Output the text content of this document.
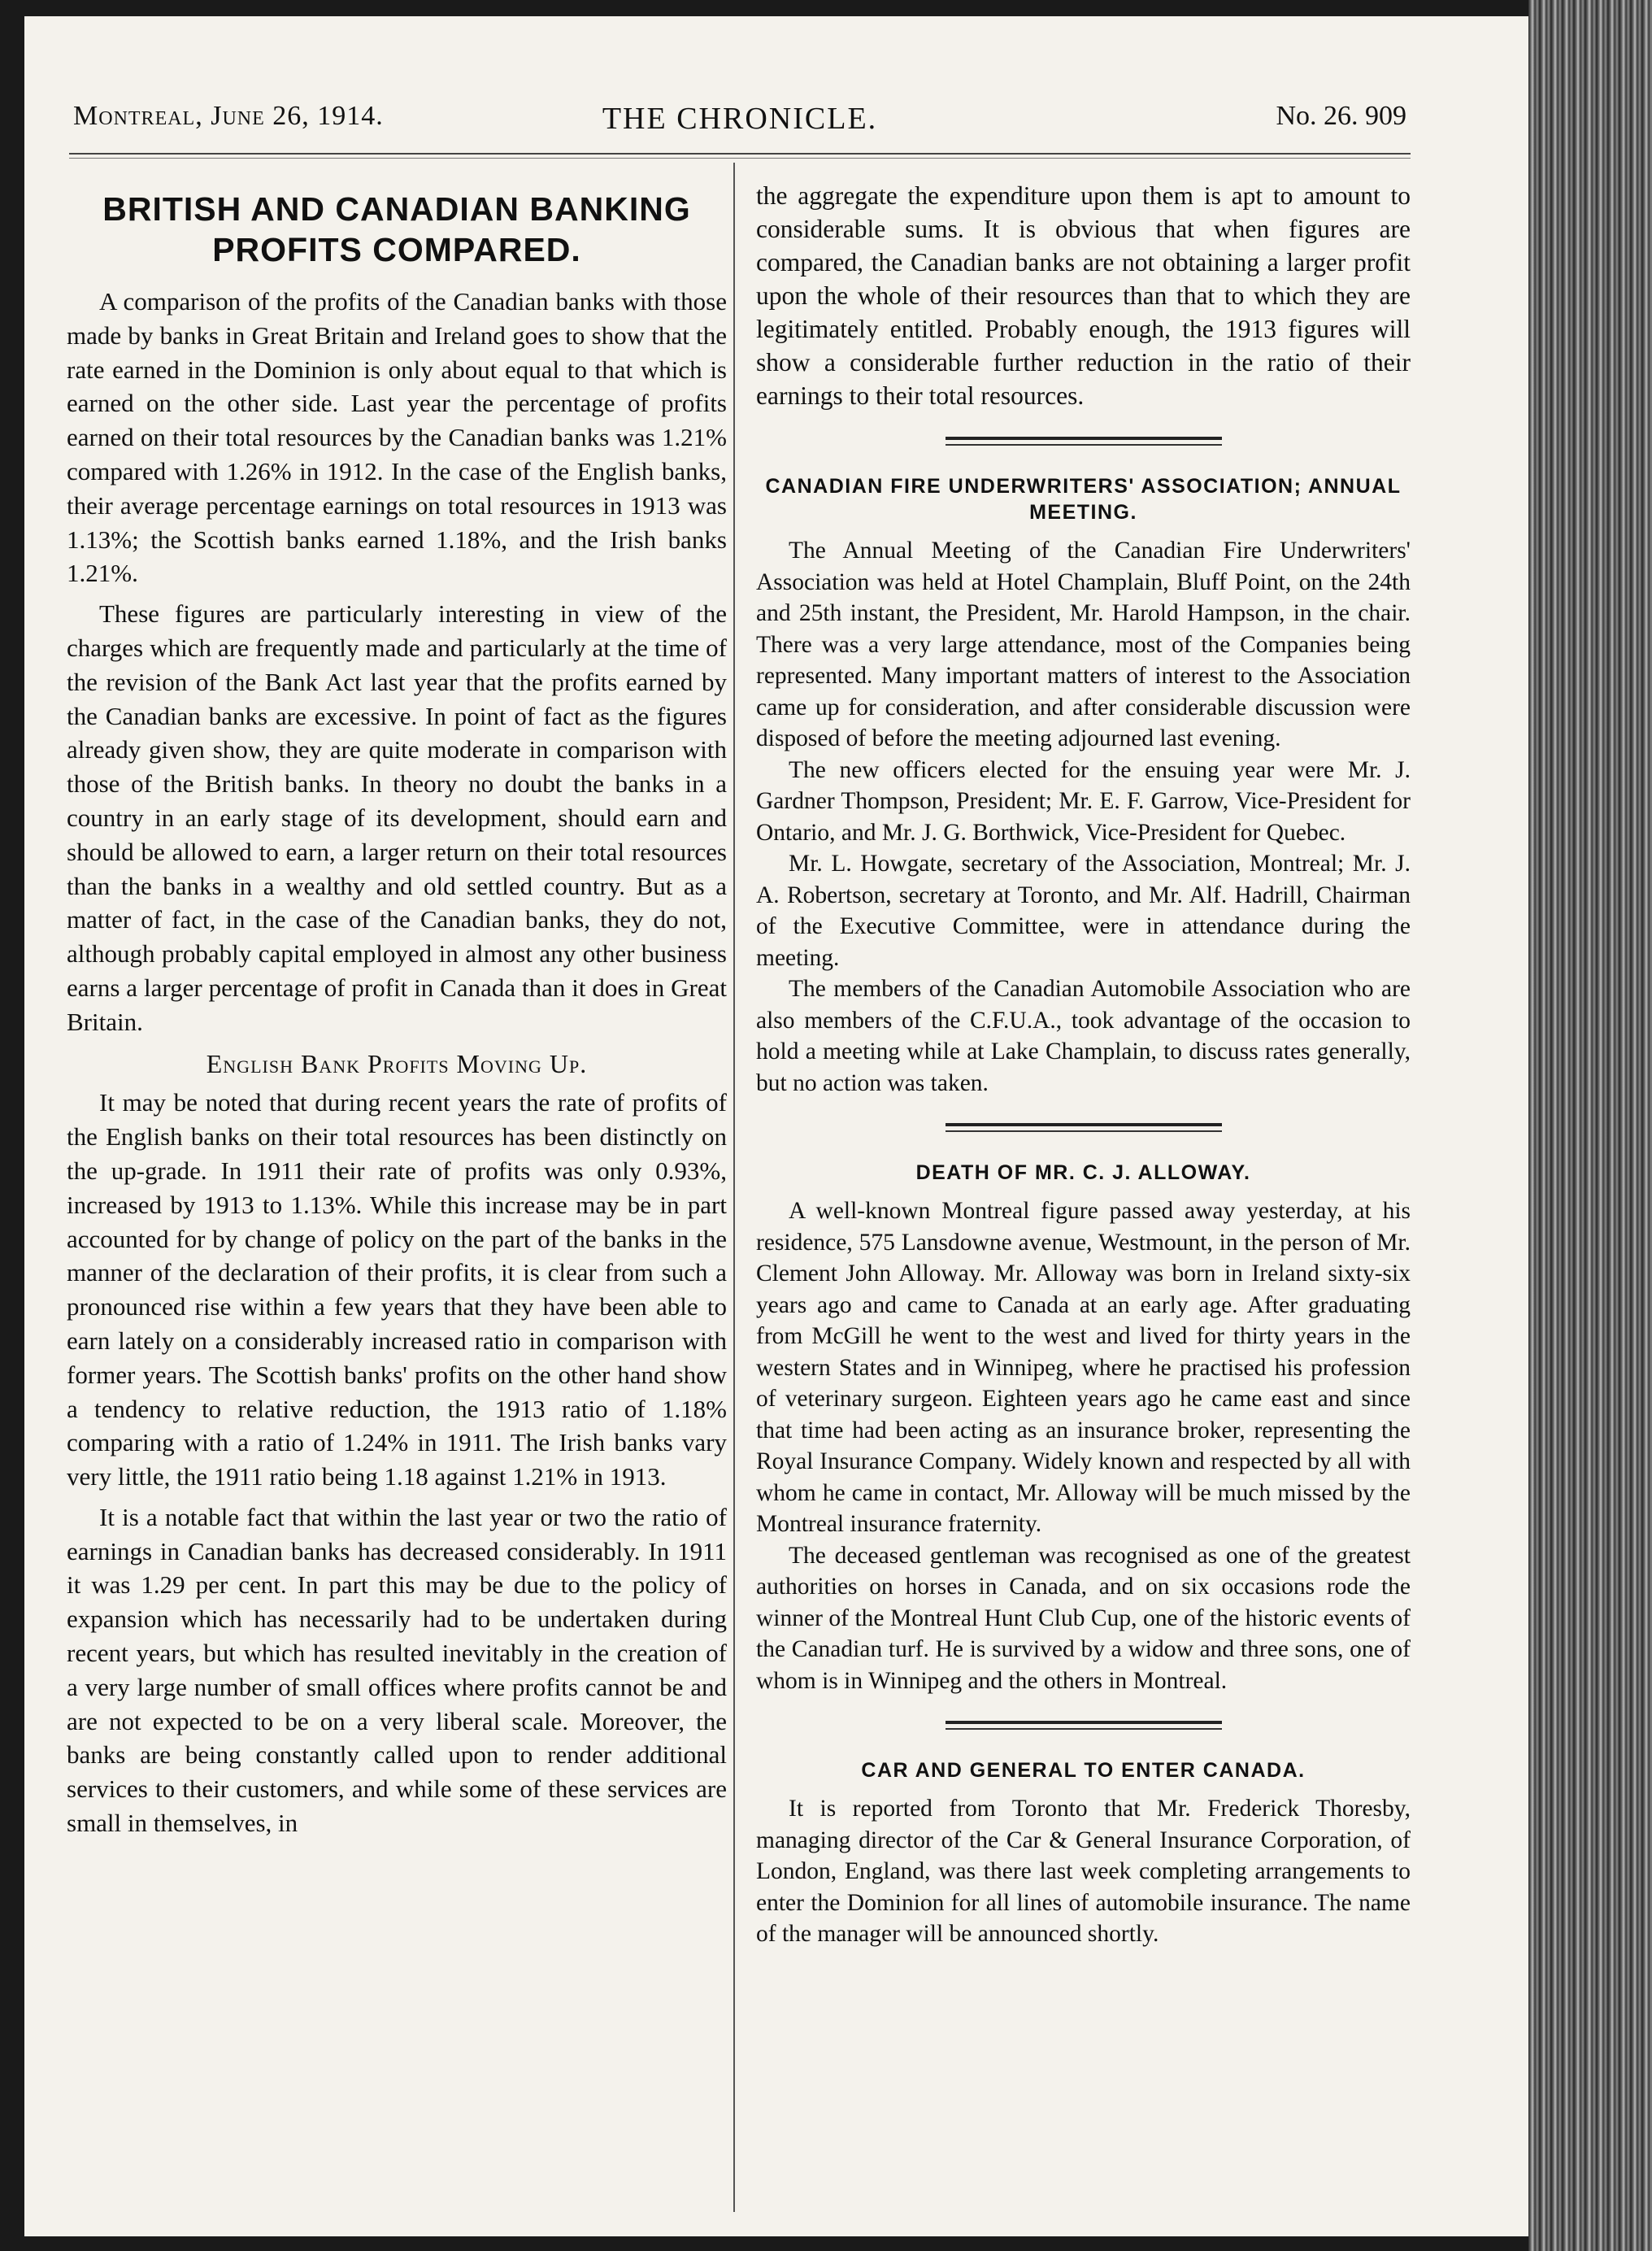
Montreal, June 26, 1914.	THE CHRONICLE.	No. 26. 909
BRITISH AND CANADIAN BANKING PROFITS COMPARED.

A comparison of the profits of the Canadian banks with those made by banks in Great Britain and Ireland goes to show that the rate earned in the Dominion is only about equal to that which is earned on the other side. Last year the percentage of profits earned on their total resources by the Canadian banks was 1.21% compared with 1.26% in 1912. In the case of the English banks, their average percentage earnings on total resources in 1913 was 1.13%; the Scottish banks earned 1.18%, and the Irish banks 1.21%.

These figures are particularly interesting in view of the charges which are frequently made and particularly at the time of the revision of the Bank Act last year that the profits earned by the Canadian banks are excessive. In point of fact as the figures already given show, they are quite moderate in comparison with those of the British banks. In theory no doubt the banks in a country in an early stage of its development, should earn and should be allowed to earn, a larger return on their total resources than the banks in a wealthy and old settled country. But as a matter of fact, in the case of the Canadian banks, they do not, although probably capital employed in almost any other business earns a larger percentage of profit in Canada than it does in Great Britain.

English Bank Profits Moving Up.

It may be noted that during recent years the rate of profits of the English banks on their total resources has been distinctly on the up-grade. In 1911 their rate of profits was only 0.93%, increased by 1913 to 1.13%. While this increase may be in part accounted for by change of policy on the part of the banks in the manner of the declaration of their profits, it is clear from such a pronounced rise within a few years that they have been able to earn lately on a considerably increased ratio in comparison with former years. The Scottish banks' profits on the other hand show a tendency to relative reduction, the 1913 ratio of 1.18% comparing with a ratio of 1.24% in 1911. The Irish banks vary very little, the 1911 ratio being 1.18 against 1.21% in 1913.

It is a notable fact that within the last year or two the ratio of earnings in Canadian banks has decreased considerably. In 1911 it was 1.29 per cent. In part this may be due to the policy of expansion which has necessarily had to be undertaken during recent years, but which has resulted inevitably in the creation of a very large number of small offices where profits cannot be and are not expected to be on a very liberal scale. Moreover, the banks are being constantly called upon to render additional services to their customers, and while some of these services are small in themselves, in

the aggregate the expenditure upon them is apt to amount to considerable sums. It is obvious that when figures are compared, the Canadian banks are not obtaining a larger profit upon the whole of their resources than that to which they are legitimately entitled. Probably enough, the 1913 figures will show a considerable further reduction in the ratio of their earnings to their total resources.

CANADIAN FIRE UNDERWRITERS' ASSOCIATION; ANNUAL MEETING.

The Annual Meeting of the Canadian Fire Underwriters' Association was held at Hotel Champlain, Bluff Point, on the 24th and 25th instant, the President, Mr. Harold Hampson, in the chair. There was a very large attendance, most of the Companies being represented. Many important matters of interest to the Association came up for consideration, and after considerable discussion were disposed of before the meeting adjourned last evening.

The new officers elected for the ensuing year were Mr. J. Gardner Thompson, President; Mr. E. F. Garrow, Vice-President for Ontario, and Mr. J. G. Borthwick, Vice-President for Quebec.

Mr. L. Howgate, secretary of the Association, Montreal; Mr. J. A. Robertson, secretary at Toronto, and Mr. Alf. Hadrill, Chairman of the Executive Committee, were in attendance during the meeting.

The members of the Canadian Automobile Association who are also members of the C.F.U.A., took advantage of the occasion to hold a meeting while at Lake Champlain, to discuss rates generally, but no action was taken.

DEATH OF MR. C. J. ALLOWAY.

A well-known Montreal figure passed away yesterday, at his residence, 575 Lansdowne avenue, Westmount, in the person of Mr. Clement John Alloway. Mr. Alloway was born in Ireland sixty-six years ago and came to Canada at an early age. After graduating from McGill he went to the west and lived for thirty years in the western States and in Winnipeg, where he practised his profession of veterinary surgeon. Eighteen years ago he came east and since that time had been acting as an insurance broker, representing the Royal Insurance Company. Widely known and respected by all with whom he came in contact, Mr. Alloway will be much missed by the Montreal insurance fraternity.

The deceased gentleman was recognised as one of the greatest authorities on horses in Canada, and on six occasions rode the winner of the Montreal Hunt Club Cup, one of the historic events of the Canadian turf. He is survived by a widow and three sons, one of whom is in Winnipeg and the others in Montreal.

CAR AND GENERAL TO ENTER CANADA.

It is reported from Toronto that Mr. Frederick Thoresby, managing director of the Car & General Insurance Corporation, of London, England, was there last week completing arrangements to enter the Dominion for all lines of automobile insurance. The name of the manager will be announced shortly.
